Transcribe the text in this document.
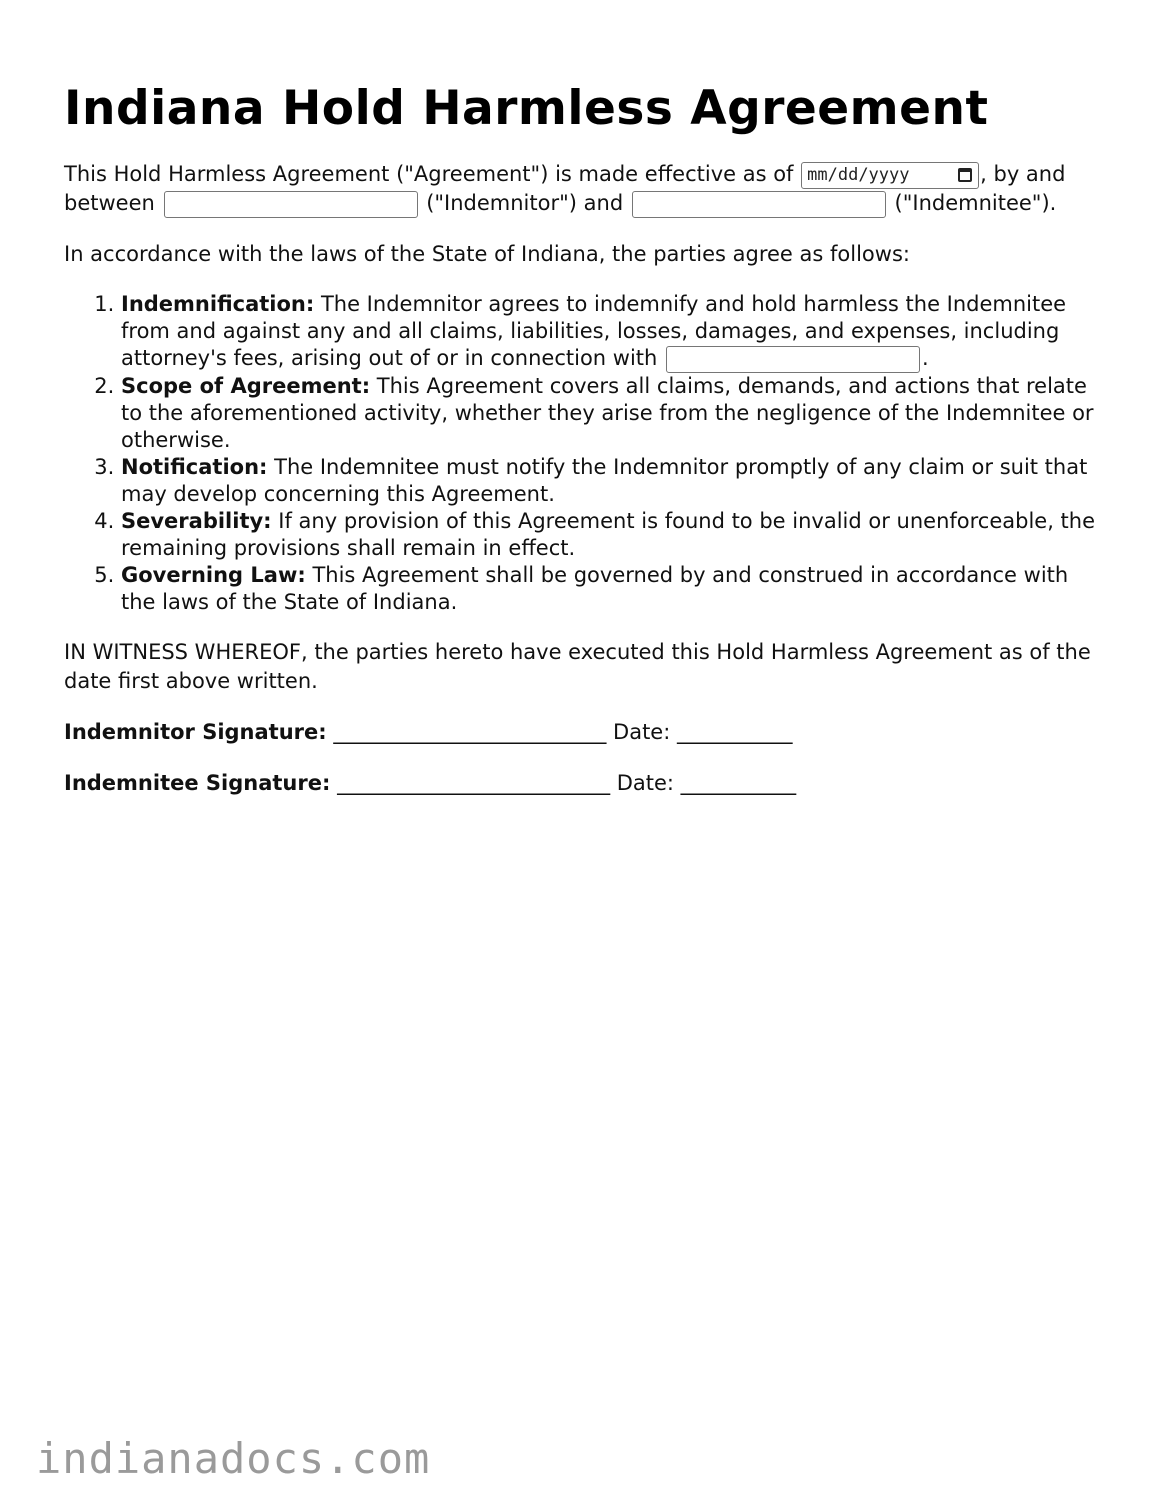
Indiana Hold Harmless Agreement

This Hold Harmless Agreement ("Agreement") is made effective as of mm/dd/yyyy	, by and between	("Indemnitor") and	("Indemnitee").

In accordance with the laws of the State of Indiana, the parties agree as follows:

1. Indemnification: The Indemnitor agrees to indemnify and hold harmless the Indemnitee from and against any and all claims, liabilities, losses, damages, and expenses, including attorney's fees, arising out of or in connection with	.
2. Scope of Agreement: This Agreement covers all claims, demands, and actions that relate to the aforementioned activity, whether they arise from the negligence of the Indemnitee or otherwise.
3. Notification: The Indemnitee must notify the Indemnitor promptly of any claim or suit that may develop concerning this Agreement.
4. Severability: If any provision of this Agreement is found to be invalid or unenforceable, the remaining provisions shall remain in effect.
5. Governing Law: This Agreement shall be governed by and construed in accordance with the laws of the State of Indiana.

IN WITNESS WHEREOF, the parties hereto have executed this Hold Harmless Agreement as of the date first above written.

Indemnitor Signature: __________________________ Date: ___________
Indemnitee Signature: __________________________ Date: ___________
indianadocs.com
